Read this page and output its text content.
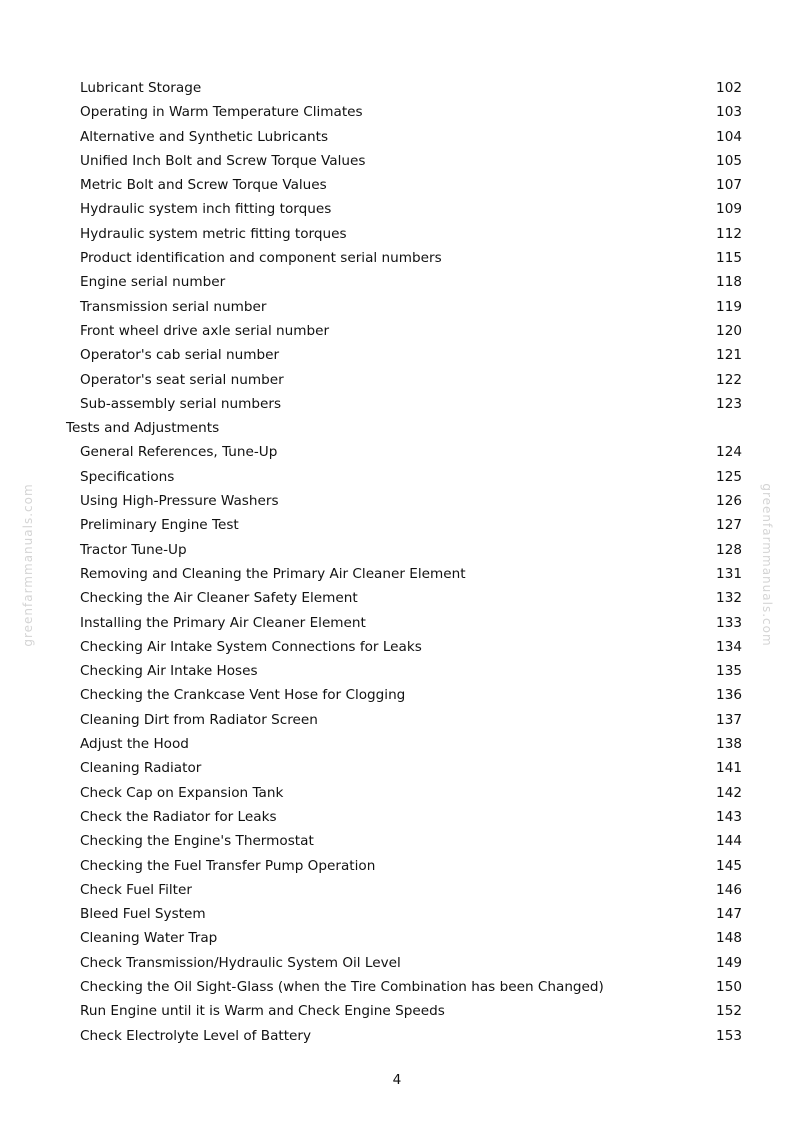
greenfarmmanuals.com	greenfarmmanuals.com
Lubricant Storage	102
Operating in Warm Temperature Climates	103
Alternative and Synthetic Lubricants	104
Unified Inch Bolt and Screw Torque Values	105
Metric Bolt and Screw Torque Values	107
Hydraulic system inch fitting torques	109
Hydraulic system metric fitting torques	112
Product identification and component serial numbers	115
Engine serial number	118
Transmission serial number	119
Front wheel drive axle serial number	120
Operator's cab serial number	121
Operator's seat serial number	122
Sub-assembly serial numbers	123
Tests and Adjustments
General References, Tune-Up	124
Specifications	125
Using High-Pressure Washers	126
Preliminary Engine Test	127
Tractor Tune-Up	128
Removing and Cleaning the Primary Air Cleaner Element	131
Checking the Air Cleaner Safety Element	132
Installing the Primary Air Cleaner Element	133
Checking Air Intake System Connections for Leaks	134
Checking Air Intake Hoses	135
Checking the Crankcase Vent Hose for Clogging	136
Cleaning Dirt from Radiator Screen	137
Adjust the Hood	138
Cleaning Radiator	141
Check Cap on Expansion Tank	142
Check the Radiator for Leaks	143
Checking the Engine's Thermostat	144
Checking the Fuel Transfer Pump Operation	145
Check Fuel Filter	146
Bleed Fuel System	147
Cleaning Water Trap	148
Check Transmission/Hydraulic System Oil Level	149
Checking the Oil Sight-Glass (when the Tire Combination has been Changed)	150
Run Engine until it is Warm and Check Engine Speeds	152
Check Electrolyte Level of Battery	153
4
